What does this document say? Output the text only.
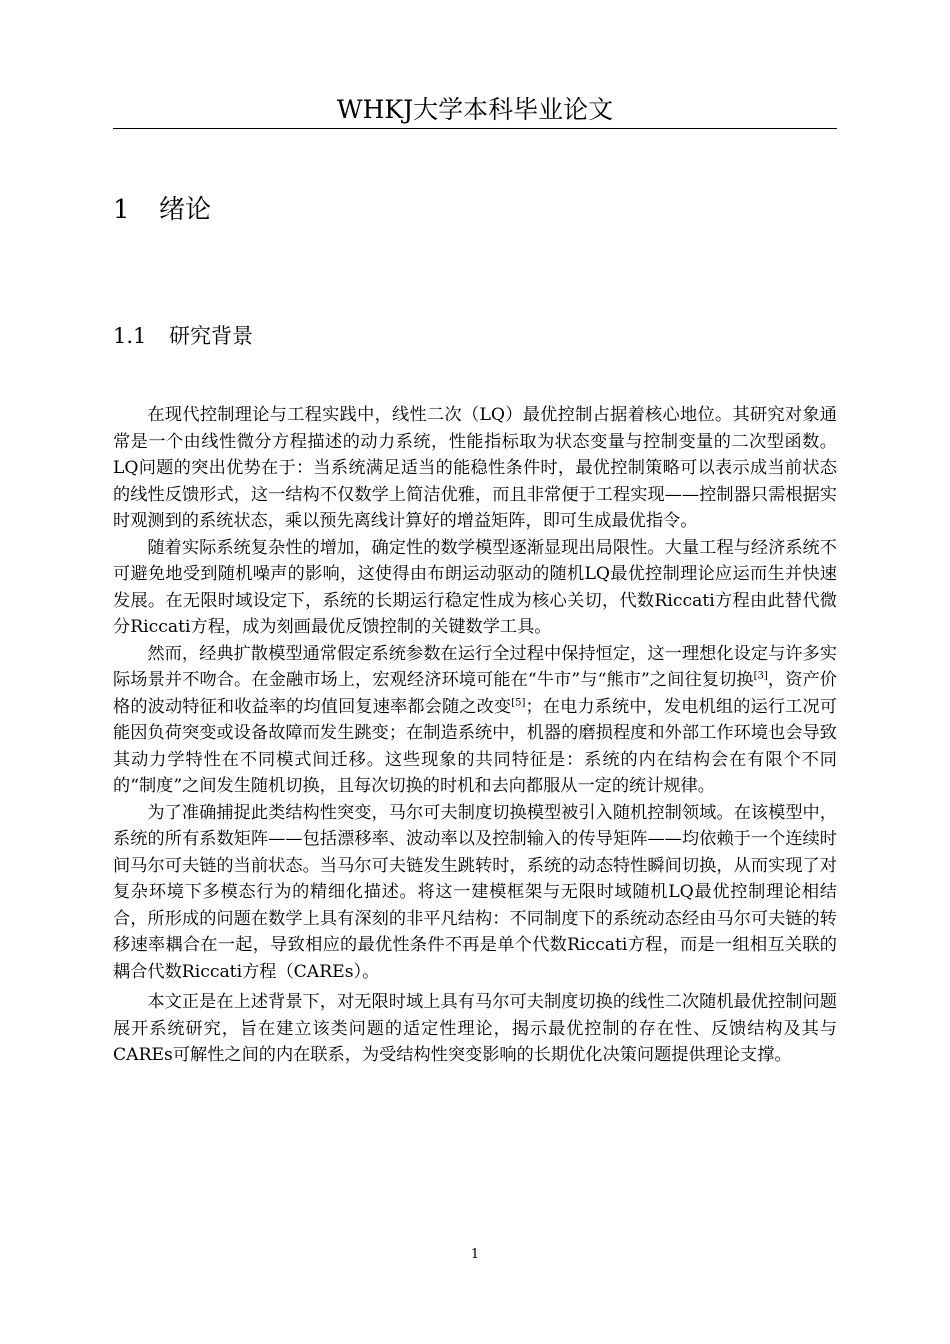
WHKJ大学本科毕业论文
1 绪论
1.1 研究背景

在现代控制理论与工程实践中，线性二次（LQ）最优控制占据着核心地位。其研究对象通常是一个由线性微分方程描述的动力系统，性能指标取为状态变量与控制变量的二次型函数。LQ问题的突出优势在于：当系统满足适当的能稳性条件时，最优控制策略可以表示成当前状态的线性反馈形式，这一结构不仅数学上简洁优雅，而且非常便于工程实现——控制器只需根据实时观测到的系统状态，乘以预先离线计算好的增益矩阵，即可生成最优指令。

随着实际系统复杂性的增加，确定性的数学模型逐渐显现出局限性。大量工程与经济系统不可避免地受到随机噪声的影响，这使得由布朗运动驱动的随机LQ最优控制理论应运而生并快速发展。在无限时域设定下，系统的长期运行稳定性成为核心关切，代数Riccati方程由此替代微分Riccati方程，成为刻画最优反馈控制的关键数学工具。

然而，经典扩散模型通常假定系统参数在运行全过程中保持恒定，这一理想化设定与许多实际场景并不吻合。在金融市场上，宏观经济环境可能在“牛市”与“熊市”之间往复切换[3]，资产价格的波动特征和收益率的均值回复速率都会随之改变[5]；在电力系统中，发电机组的运行工况可能因负荷突变或设备故障而发生跳变；在制造系统中，机器的磨损程度和外部工作环境也会导致其动力学特性在不同模式间迁移。这些现象的共同特征是：系统的内在结构会在有限个不同的“制度”之间发生随机切换，且每次切换的时机和去向都服从一定的统计规律。

为了准确捕捉此类结构性突变，马尔可夫制度切换模型被引入随机控制领域。在该模型中，系统的所有系数矩阵——包括漂移率、波动率以及控制输入的传导矩阵——均依赖于一个连续时间马尔可夫链的当前状态。当马尔可夫链发生跳转时，系统的动态特性瞬间切换，从而实现了对复杂环境下多模态行为的精细化描述。将这一建模框架与无限时域随机LQ最优控制理论相结合，所形成的问题在数学上具有深刻的非平凡结构：不同制度下的系统动态经由马尔可夫链的转移速率耦合在一起，导致相应的最优性条件不再是单个代数Riccati方程，而是一组相互关联的耦合代数Riccati方程（CAREs）。

本文正是在上述背景下，对无限时域上具有马尔可夫制度切换的线性二次随机最优控制问题展开系统研究，旨在建立该类问题的适定性理论，揭示最优控制的存在性、反馈结构及其与CAREs可解性之间的内在联系，为受结构性突变影响的长期优化决策问题提供理论支撑。

1
